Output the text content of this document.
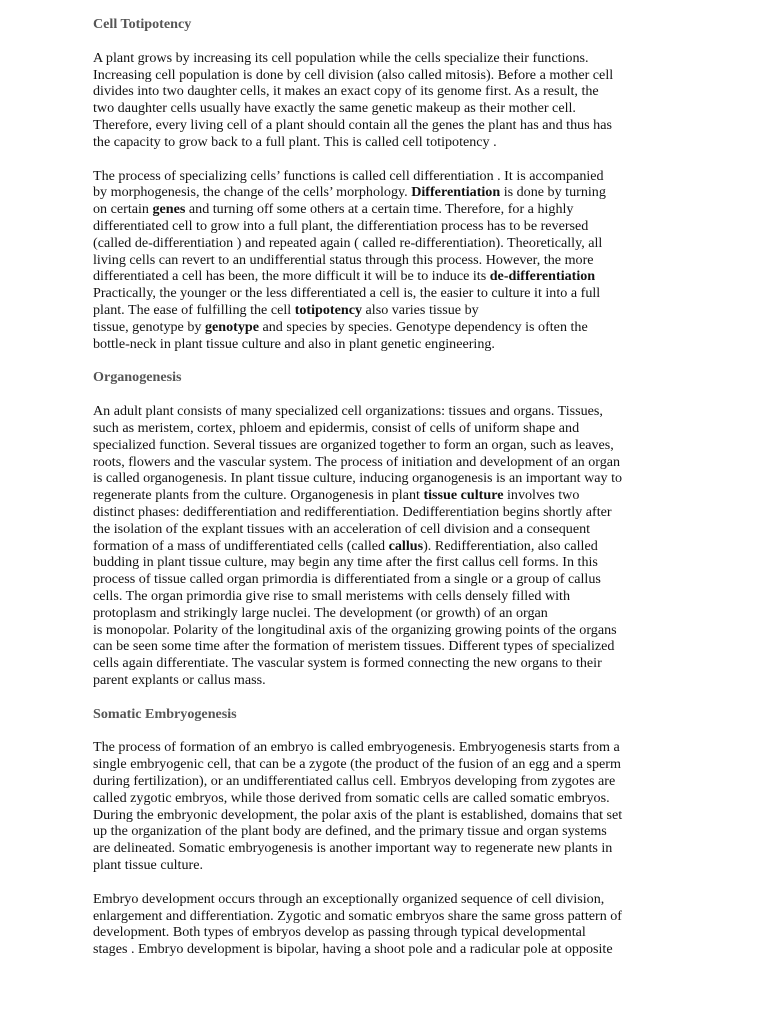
Cell Totipotency

A plant grows by increasing its cell population while the cells specialize their functions.
Increasing cell population is done by cell division (also called mitosis). Before a mother cell
divides into two daughter cells, it makes an exact copy of its genome first. As a result, the
two daughter cells usually have exactly the same genetic makeup as their mother cell.
Therefore, every living cell of a plant should contain all the genes the plant has and thus has
the capacity to grow back to a full plant. This is called cell totipotency .

The process of specializing cells’ functions is called cell differentiation . It is accompanied
by morphogenesis, the change of the cells’ morphology. Differentiation is done by turning
on certain genes and turning off some others at a certain time. Therefore, for a highly
differentiated cell to grow into a full plant, the differentiation process has to be reversed
(called de-differentiation ) and repeated again ( called re-differentiation). Theoretically, all
living cells can revert to an undifferential status through this process. However, the more
differentiated a cell has been, the more difficult it will be to induce its de-differentiation
Practically, the younger or the less differentiated a cell is, the easier to culture it into a full
plant. The ease of fulfilling the cell totipotency also varies tissue by
tissue, genotype by genotype and species by species. Genotype dependency is often the
bottle-neck in plant tissue culture and also in plant genetic engineering.

Organogenesis

An adult plant consists of many specialized cell organizations: tissues and organs. Tissues,
such as meristem, cortex, phloem and epidermis, consist of cells of uniform shape and
specialized function. Several tissues are organized together to form an organ, such as leaves,
roots, flowers and the vascular system. The process of initiation and development of an organ
is called organogenesis. In plant tissue culture, inducing organogenesis is an important way to
regenerate plants from the culture. Organogenesis in plant tissue culture involves two
distinct phases: dedifferentiation and redifferentiation. Dedifferentiation begins shortly after
the isolation of the explant tissues with an acceleration of cell division and a consequent
formation of a mass of undifferentiated cells (called callus). Redifferentiation, also called
budding in plant tissue culture, may begin any time after the first callus cell forms. In this
process of tissue called organ primordia is differentiated from a single or a group of callus
cells. The organ primordia give rise to small meristems with cells densely filled with
protoplasm and strikingly large nuclei. The development (or growth) of an organ
is monopolar. Polarity of the longitudinal axis of the organizing growing points of the organs
can be seen some time after the formation of meristem tissues. Different types of specialized
cells again differentiate. The vascular system is formed connecting the new organs to their
parent explants or callus mass.

Somatic Embryogenesis

The process of formation of an embryo is called embryogenesis. Embryogenesis starts from a
single embryogenic cell, that can be a zygote (the product of the fusion of an egg and a sperm
during fertilization), or an undifferentiated callus cell. Embryos developing from zygotes are
called zygotic embryos, while those derived from somatic cells are called somatic embryos.
During the embryonic development, the polar axis of the plant is established, domains that set
up the organization of the plant body are defined, and the primary tissue and organ systems
are delineated. Somatic embryogenesis is another important way to regenerate new plants in
plant tissue culture.

Embryo development occurs through an exceptionally organized sequence of cell division,
enlargement and differentiation. Zygotic and somatic embryos share the same gross pattern of
development. Both types of embryos develop as passing through typical developmental
stages . Embryo development is bipolar, having a shoot pole and a radicular pole at opposite
